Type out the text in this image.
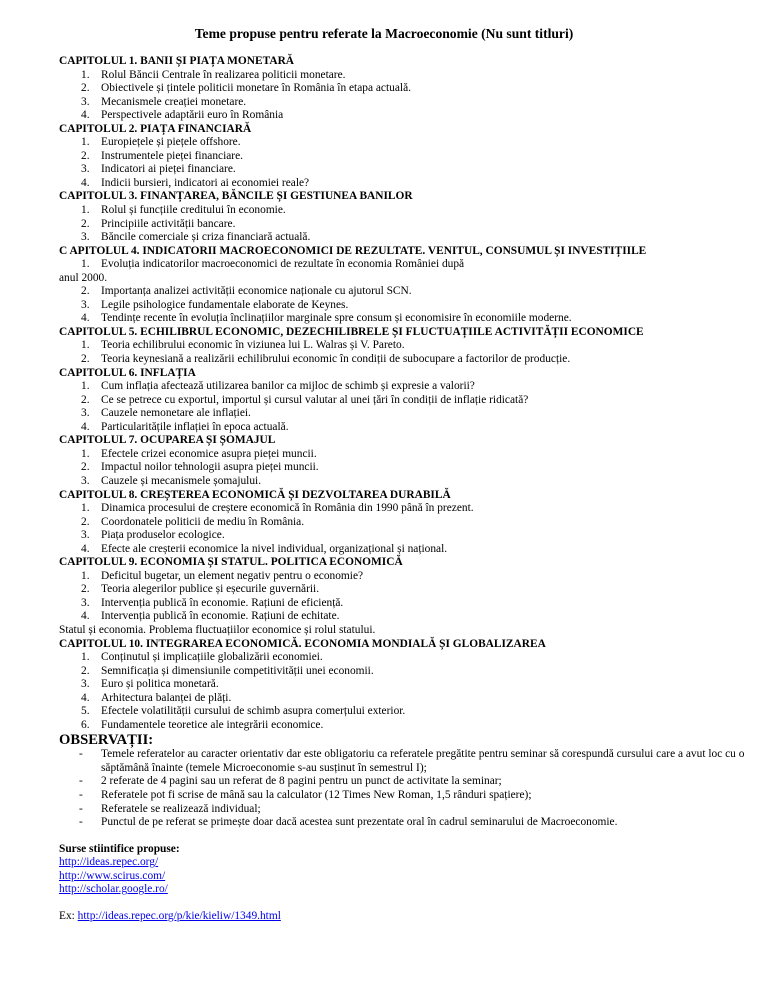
Teme propuse pentru referate la Macroeconomie (Nu sunt titluri)
CAPITOLUL 1. BANII ȘI PIAȚA MONETARĂ
1. Rolul Băncii Centrale în realizarea politicii monetare.
2. Obiectivele și țintele politicii monetare în România în etapa actuală.
3. Mecanismele creației monetare.
4. Perspectivele adaptării euro în România
CAPITOLUL 2. PIAȚA FINANCIARĂ
1. Europiețele și piețele offshore.
2. Instrumentele pieței financiare.
3. Indicatori ai pieței financiare.
4. Indicii bursieri, indicatori ai economiei reale?
CAPITOLUL 3. FINANȚAREA, BĂNCILE ȘI GESTIUNEA BANILOR
1. Rolul și funcțiile creditului în economie.
2. Principiile activității bancare.
3. Băncile comerciale și criza financiară actuală.
C APITOLUL 4. INDICATORII MACROECONOMICI DE REZULTATE. VENITUL, CONSUMUL ȘI INVESTIȚIILE
1. Evoluția indicatorilor macroeconomici de rezultate în economia României după
anul 2000.
2. Importanța analizei activității economice naționale cu ajutorul SCN.
3. Legile psihologice fundamentale elaborate de Keynes.
4. Tendințe recente în evoluția înclinațiilor marginale spre consum și economisire în economiile moderne.
CAPITOLUL 5. ECHILIBRUL ECONOMIC, DEZECHILIBRELE ȘI FLUCTUAȚIILE ACTIVITĂȚII ECONOMICE
1. Teoria echilibrului economic în viziunea lui L. Walras și V. Pareto.
2. Teoria keynesiană a realizării echilibrului economic în condiții de subocupare a factorilor de producție.
CAPITOLUL 6. INFLAȚIA
1. Cum inflația afectează utilizarea banilor ca mijloc de schimb și expresie a valorii?
2. Ce se petrece cu exportul, importul și cursul valutar al unei țări în condiții de inflație ridicată?
3. Cauzele nemonetare ale inflației.
4. Particularitățile inflației în epoca actuală.
CAPITOLUL 7. OCUPAREA ȘI ȘOMAJUL
1. Efectele crizei economice asupra pieței muncii.
2. Impactul noilor tehnologii asupra pieței muncii.
3. Cauzele și mecanismele șomajului.
CAPITOLUL 8. CREȘTEREA ECONOMICĂ ȘI DEZVOLTAREA DURABILĂ
1. Dinamica procesului de creștere economică în România din 1990 până în prezent.
2. Coordonatele politicii de mediu în România.
3. Piața produselor ecologice.
4. Efecte ale creșterii economice la nivel individual, organizațional și național.
CAPITOLUL 9. ECONOMIA ȘI STATUL. POLITICA ECONOMICĂ
1. Deficitul bugetar, un element negativ pentru o economie?
2. Teoria alegerilor publice și eșecurile guvernării.
3. Intervenția publică în economie. Rațiuni de eficiență.
4. Intervenția publică în economie. Rațiuni de echitate.
Statul și economia. Problema fluctuațiilor economice și rolul statului.
CAPITOLUL 10. INTEGRAREA ECONOMICĂ. ECONOMIA MONDIALĂ ȘI GLOBALIZAREA
1. Conținutul și implicațiile globalizării economiei.
2. Semnificația și dimensiunile competitivității unei economii.
3. Euro și politica monetară.
4. Arhitectura balanței de plăți.
5. Efectele volatilității cursului de schimb asupra comerțului exterior.
6. Fundamentele teoretice ale integrării economice.
OBSERVAȚII:
- Temele referatelor au caracter orientativ dar este obligatoriu ca referatele pregătite pentru seminar să corespundă cursului care a avut loc cu o săptămână înainte (temele Microeconomie s-au susținut în semestrul I);
- 2 referate de 4 pagini sau un referat de 8 pagini pentru un punct de activitate la seminar;
- Referatele pot fi scrise de mână sau la calculator (12 Times New Roman, 1,5 rânduri spațiere);
- Referatele se realizează individual;
- Punctul de pe referat se primește doar dacă acestea sunt prezentate oral în cadrul seminarului de Macroeconomie.
Surse stiintifice propuse:
http://ideas.repec.org/
http://www.scirus.com/
http://scholar.google.ro/
Ex: http://ideas.repec.org/p/kie/kieliw/1349.html
